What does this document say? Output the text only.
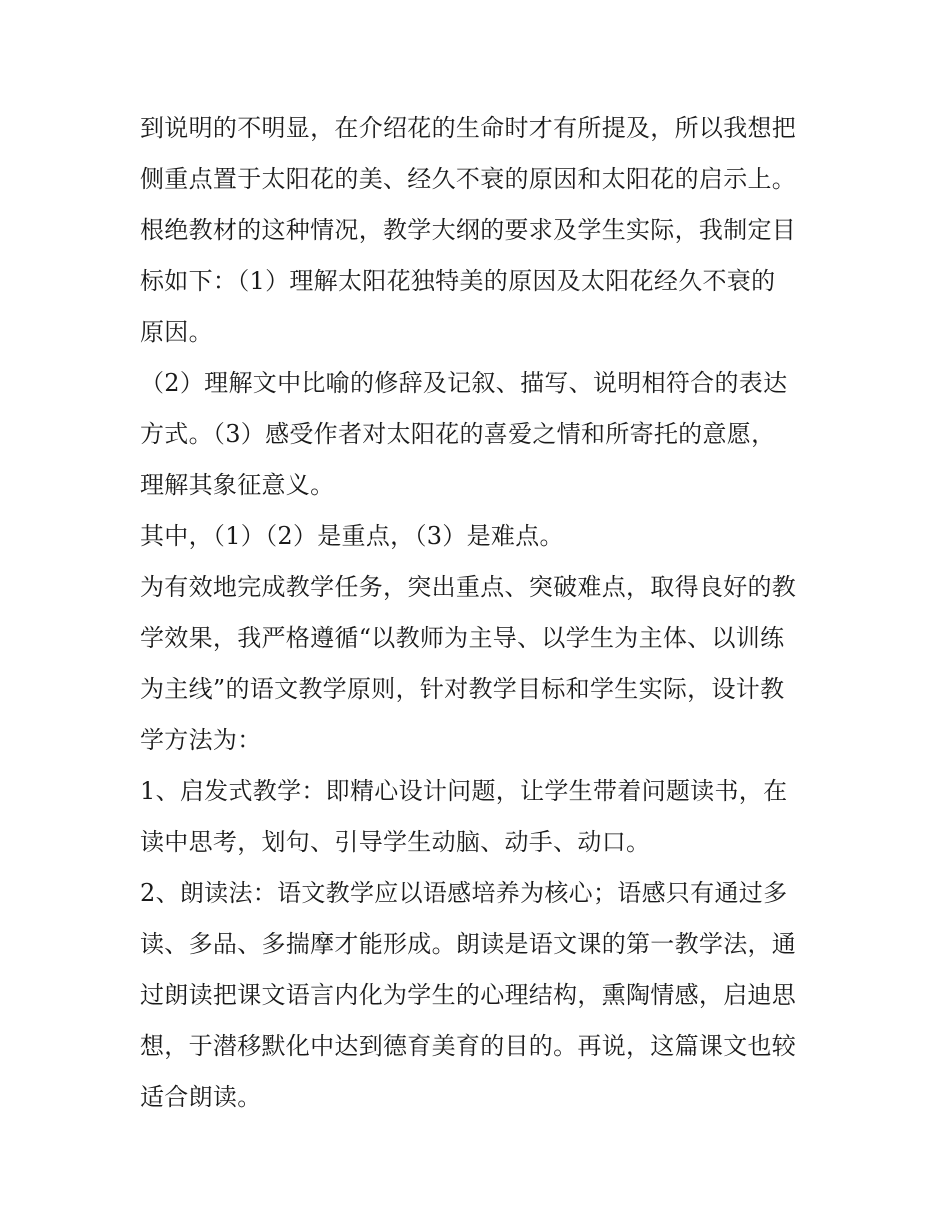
到说明的不明显，在介绍花的生命时才有所提及，所以我想把
侧重点置于太阳花的美、经久不衰的原因和太阳花的启示上。
根绝教材的这种情况，教学大纲的要求及学生实际，我制定目
标如下：（1）理解太阳花独特美的原因及太阳花经久不衰的
原因。
（2）理解文中比喻的修辞及记叙、描写、说明相符合的表达
方式。（3）感受作者对太阳花的喜爱之情和所寄托的意愿，
理解其象征意义。
其中，（1）（2）是重点，（3）是难点。
为有效地完成教学任务，突出重点、突破难点，取得良好的教
学效果，我严格遵循“以教师为主导、以学生为主体、以训练
为主线”的语文教学原则，针对教学目标和学生实际，设计教
学方法为：
1、启发式教学：即精心设计问题，让学生带着问题读书，在
读中思考，划句、引导学生动脑、动手、动口。
2、朗读法：语文教学应以语感培养为核心；语感只有通过多
读、多品、多揣摩才能形成。朗读是语文课的第一教学法，通
过朗读把课文语言内化为学生的心理结构，熏陶情感，启迪思
想，于潜移默化中达到德育美育的目的。再说，这篇课文也较
适合朗读。
